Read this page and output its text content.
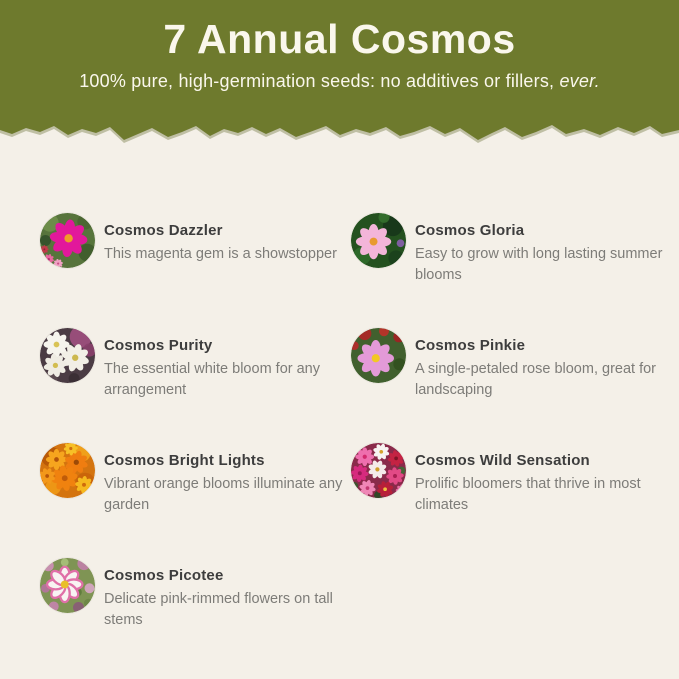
7 Annual Cosmos

100% pure, high-germination seeds: no additives or fillers, ever.

Cosmos Dazzler

This magenta gem is a showstopper

Cosmos Gloria

Easy to grow with long lasting summer blooms

Cosmos Purity

The essential white bloom for any arrangement

Cosmos Pinkie

A single-petaled rose bloom, great for landscaping

Cosmos Bright Lights

Vibrant orange blooms illuminate any garden

Cosmos Wild Sensation

Prolific bloomers that thrive in most climates

Cosmos Picotee

Delicate pink-rimmed flowers on tall stems
